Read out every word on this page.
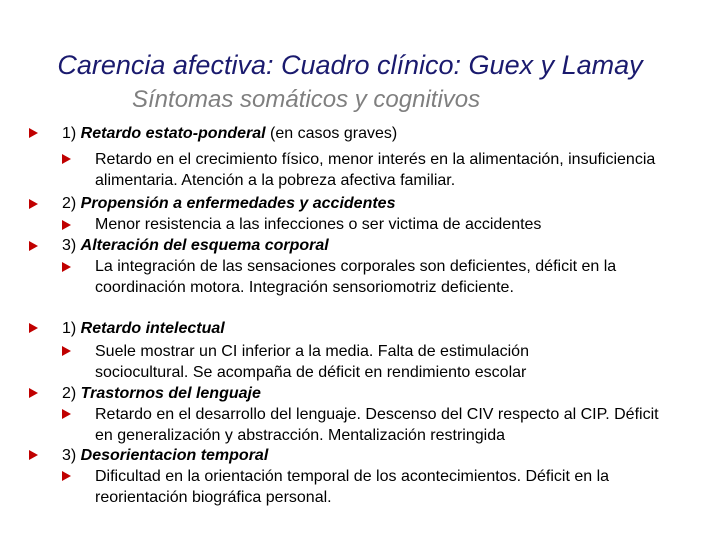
Carencia afectiva: Cuadro clínico: Guex y Lamay
Síntomas somáticos y cognitivos
1) Retardo estato-ponderal (en casos graves)
Retardo en el crecimiento físico, menor interés en la alimentación, insuficiencia alimentaria. Atención a la pobreza afectiva familiar.
2) Propensión a enfermedades y accidentes
Menor resistencia a las infecciones o ser victima de accidentes
3) Alteración del esquema corporal
La integración de las sensaciones corporales son deficientes, déficit en la coordinación motora. Integración sensoriomotriz deficiente.
1) Retardo intelectual
Suele mostrar un CI inferior a la media. Falta de estimulación sociocultural. Se acompaña de déficit en rendimiento escolar
2) Trastornos del lenguaje
Retardo en el desarrollo del lenguaje. Descenso del CIV respecto al CIP. Déficit en generalización y abstracción. Mentalización restringida
3) Desorientacion temporal
Dificultad en la orientación temporal de los acontecimientos. Déficit en la reorientación biográfica personal.
